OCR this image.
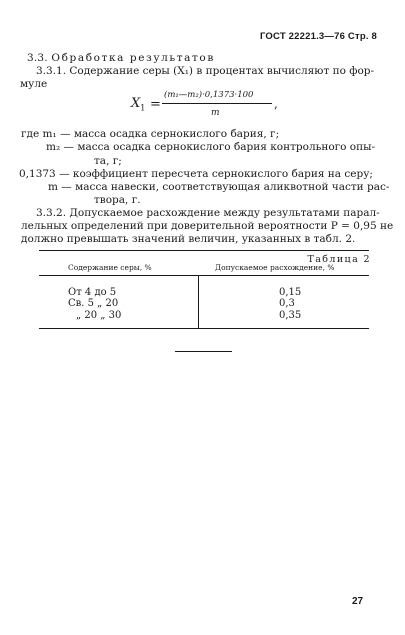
ГОСТ 22221.3—76 Стр. 8
3.3. Обработка результатов
3.3.1. Содержание серы (X₁) в процентах вычисляют по фор-
муле
$X_1$ =
(m₁—m₂)·0,1373·100
m
,
где m₁ — масса осадка сернокислого бария, г;
m₂ — масса осадка сернокислого бария контрольного опы-
та, г;
0,1373 — коэффициент пересчета сернокислого бария на серу;
m — масса навески, соответствующая аликвотной части рас-
твора, г.
3.3.2. Допускаемое расхождение между результатами парал-
лельных определений при доверительной вероятности P = 0,95 не
должно превышать значений величин, указанных в табл. 2.
Таблица 2
Содержание серы, %	Допускаемое расхождение, %
От 4 до 5	0,15
Св. 5 „ 20	0,3
„ 20 „ 30	0,35
27
